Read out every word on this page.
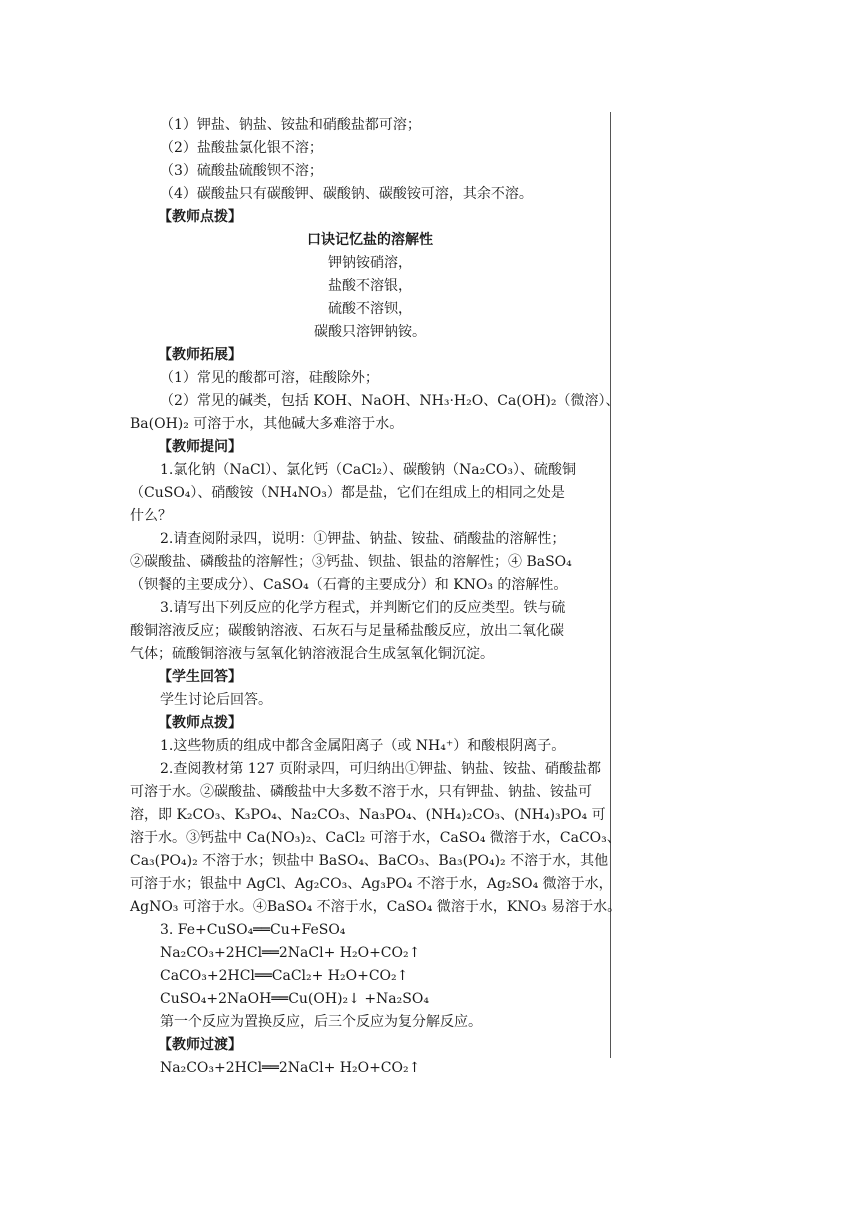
（1）钾盐、钠盐、铵盐和硝酸盐都可溶；
（2）盐酸盐氯化银不溶；
（3）硫酸盐硫酸钡不溶；
（4）碳酸盐只有碳酸钾、碳酸钠、碳酸铵可溶，其余不溶。
【教师点拨】
口诀记忆盐的溶解性
钾钠铵硝溶，
盐酸不溶银，
硫酸不溶钡，
碳酸只溶钾钠铵。
【教师拓展】
（1）常见的酸都可溶，硅酸除外；
（2）常见的碱类，包括 KOH、NaOH、NH₃·H₂O、Ca(OH)₂（微溶）、
Ba(OH)₂ 可溶于水，其他碱大多难溶于水。
【教师提问】
1.氯化钠（NaCl）、氯化钙（CaCl₂）、碳酸钠（Na₂CO₃）、硫酸铜
（CuSO₄）、硝酸铵（NH₄NO₃）都是盐，它们在组成上的相同之处是
什么？
2.请查阅附录四，说明：①钾盐、钠盐、铵盐、硝酸盐的溶解性；
②碳酸盐、磷酸盐的溶解性；③钙盐、钡盐、银盐的溶解性；④ BaSO₄
（钡餐的主要成分）、CaSO₄（石膏的主要成分）和 KNO₃ 的溶解性。
3.请写出下列反应的化学方程式，并判断它们的反应类型。铁与硫
酸铜溶液反应；碳酸钠溶液、石灰石与足量稀盐酸反应，放出二氧化碳
气体；硫酸铜溶液与氢氧化钠溶液混合生成氢氧化铜沉淀。
【学生回答】
学生讨论后回答。
【教师点拨】
1.这些物质的组成中都含金属阳离子（或 NH₄⁺）和酸根阴离子。
2.查阅教材第 127 页附录四，可归纳出①钾盐、钠盐、铵盐、硝酸盐都
可溶于水。②碳酸盐、磷酸盐中大多数不溶于水，只有钾盐、钠盐、铵盐可
溶，即 K₂CO₃、K₃PO₄、Na₂CO₃、Na₃PO₄、(NH₄)₂CO₃、(NH₄)₃PO₄ 可
溶于水。③钙盐中 Ca(NO₃)₂、CaCl₂ 可溶于水，CaSO₄ 微溶于水，CaCO₃、
Ca₃(PO₄)₂ 不溶于水；钡盐中 BaSO₄、BaCO₃、Ba₃(PO₄)₂ 不溶于水，其他
可溶于水；银盐中 AgCl、Ag₂CO₃、Ag₃PO₄ 不溶于水，Ag₂SO₄ 微溶于水，
AgNO₃ 可溶于水。④BaSO₄ 不溶于水，CaSO₄ 微溶于水，KNO₃ 易溶于水。
3. Fe+CuSO₄══Cu+FeSO₄
Na₂CO₃+2HCl══2NaCl+ H₂O+CO₂↑
CaCO₃+2HCl══CaCl₂+ H₂O+CO₂↑
CuSO₄+2NaOH══Cu(OH)₂↓ +Na₂SO₄
第一个反应为置换反应，后三个反应为复分解反应。
【教师过渡】
Na₂CO₃+2HCl══2NaCl+ H₂O+CO₂↑
